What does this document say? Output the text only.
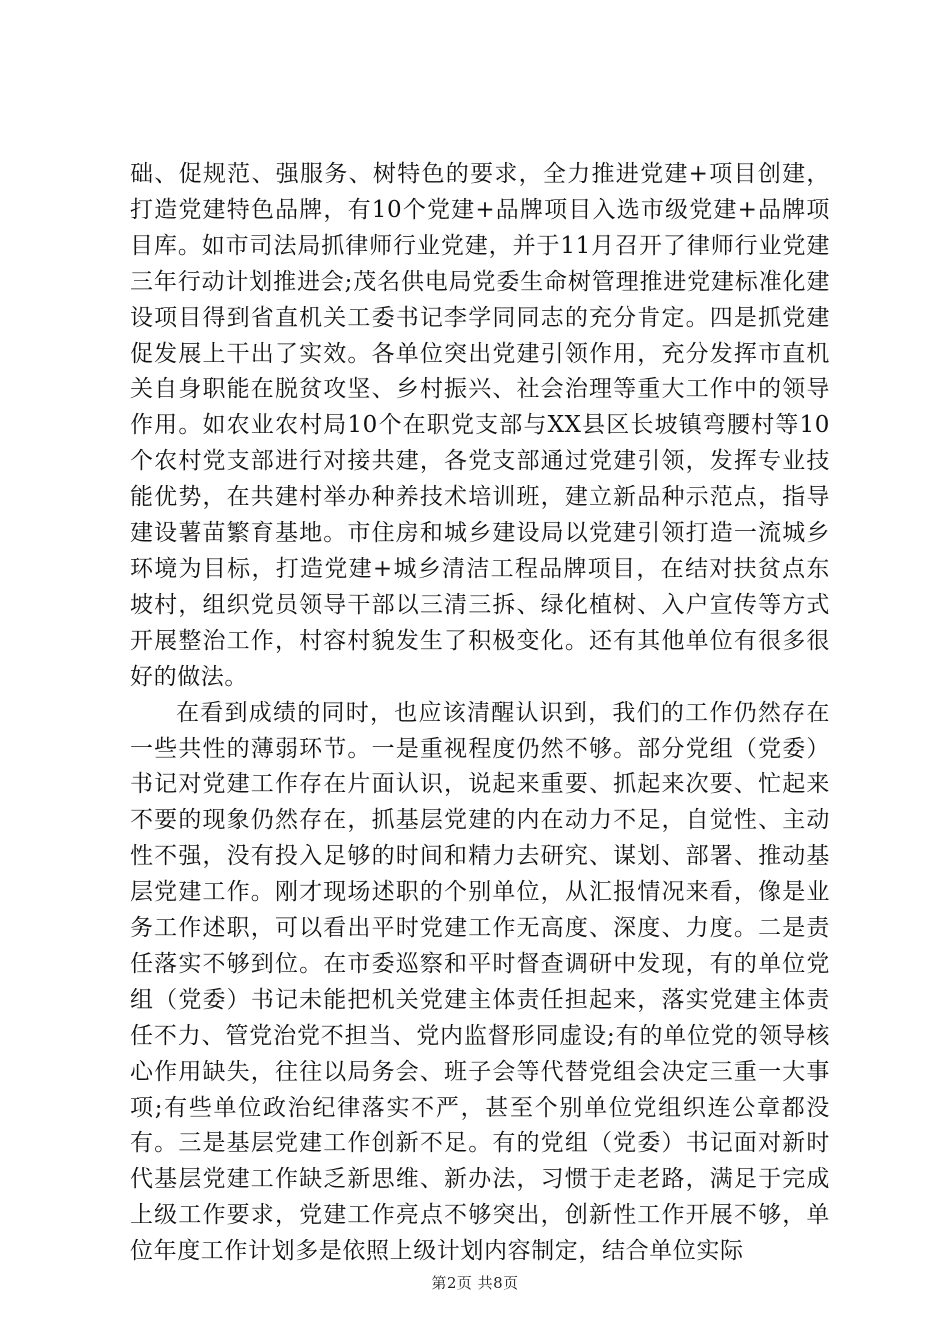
础、促规范、强服务、树特色的要求，全力推进党建+项目创建，打造党建特色品牌，有10个党建+品牌项目入选市级党建+品牌项目库。如市司法局抓律师行业党建，并于11月召开了律师行业党建三年行动计划推进会;茂名供电局党委生命树管理推进党建标准化建设项目得到省直机关工委书记李学同同志的充分肯定。四是抓党建促发展上干出了实效。各单位突出党建引领作用，充分发挥市直机关自身职能在脱贫攻坚、乡村振兴、社会治理等重大工作中的领导作用。如农业农村局10个在职党支部与XX县区长坡镇弯腰村等10个农村党支部进行对接共建，各党支部通过党建引领，发挥专业技能优势，在共建村举办种养技术培训班，建立新品种示范点，指导建设薯苗繁育基地。市住房和城乡建设局以党建引领打造一流城乡环境为目标，打造党建+城乡清洁工程品牌项目，在结对扶贫点东坡村，组织党员领导干部以三清三拆、绿化植树、入户宣传等方式开展整治工作，村容村貌发生了积极变化。还有其他单位有很多很好的做法。

在看到成绩的同时，也应该清醒认识到，我们的工作仍然存在一些共性的薄弱环节。一是重视程度仍然不够。部分党组（党委）书记对党建工作存在片面认识，说起来重要、抓起来次要、忙起来不要的现象仍然存在，抓基层党建的内在动力不足，自觉性、主动性不强，没有投入足够的时间和精力去研究、谋划、部署、推动基层党建工作。刚才现场述职的个别单位，从汇报情况来看，像是业务工作述职，可以看出平时党建工作无高度、深度、力度。二是责任落实不够到位。在市委巡察和平时督查调研中发现，有的单位党组（党委）书记未能把机关党建主体责任担起来，落实党建主体责任不力、管党治党不担当、党内监督形同虚设;有的单位党的领导核心作用缺失，往往以局务会、班子会等代替党组会决定三重一大事项;有些单位政治纪律落实不严，甚至个别单位党组织连公章都没有。三是基层党建工作创新不足。有的党组（党委）书记面对新时代基层党建工作缺乏新思维、新办法，习惯于走老路，满足于完成上级工作要求，党建工作亮点不够突出，创新性工作开展不够，单位年度工作计划多是依照上级计划内容制定，结合单位实际

第2页 共8页
